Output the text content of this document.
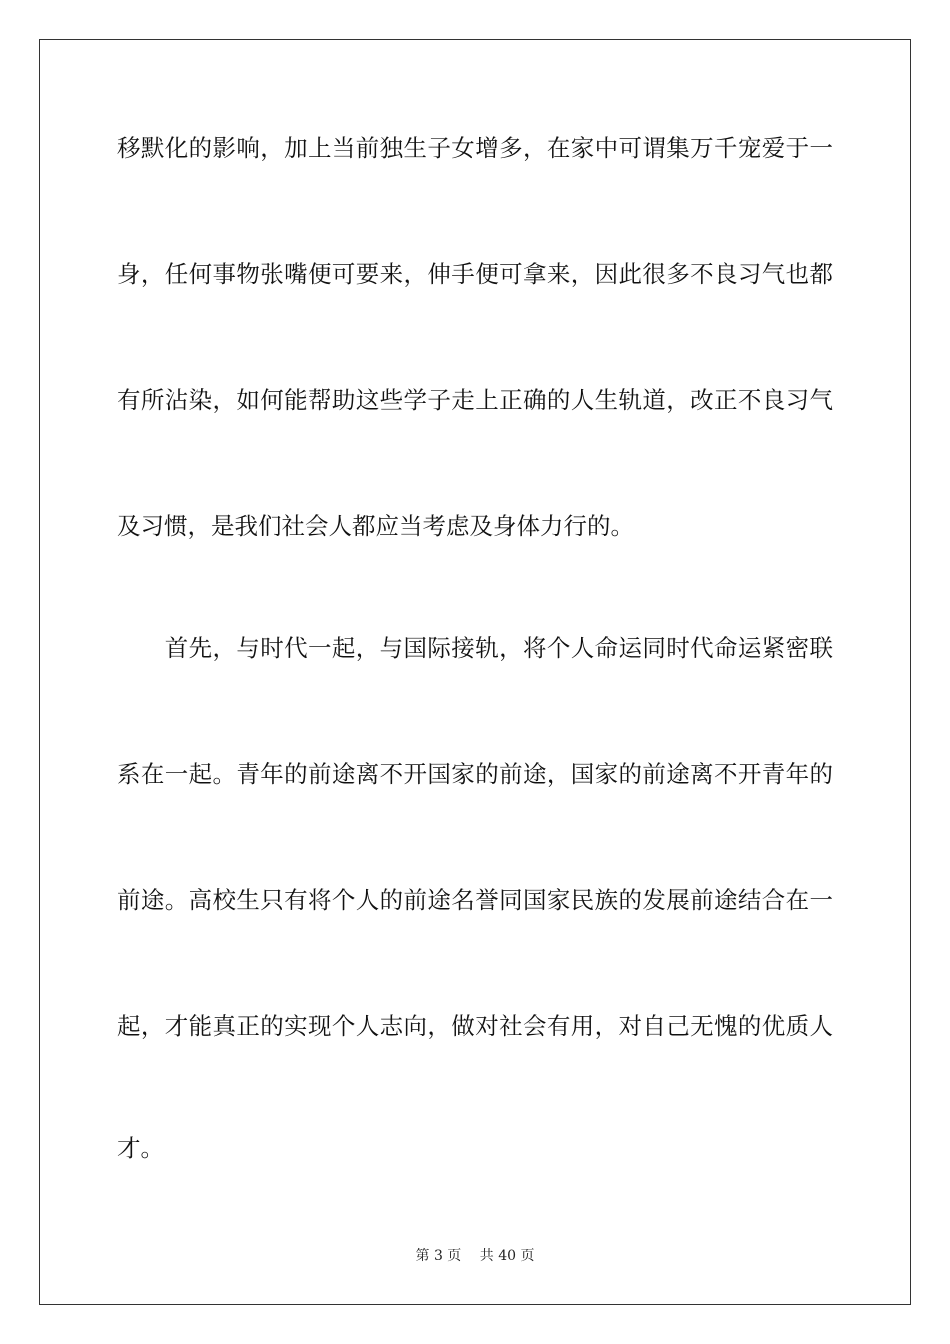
移默化的影响，加上当前独生子女增多，在家中可谓集万千宠爱于一
身，任何事物张嘴便可要来，伸手便可拿来，因此很多不良习气也都
有所沾染，如何能帮助这些学子走上正确的人生轨道，改正不良习气
及习惯，是我们社会人都应当考虑及身体力行的。
　　首先，与时代一起，与国际接轨，将个人命运同时代命运紧密联
系在一起。青年的前途离不开国家的前途，国家的前途离不开青年的
前途。高校生只有将个人的前途名誉同国家民族的发展前途结合在一
起，才能真正的实现个人志向，做对社会有用，对自己无愧的优质人
才。
第 3 页　 共 40 页
